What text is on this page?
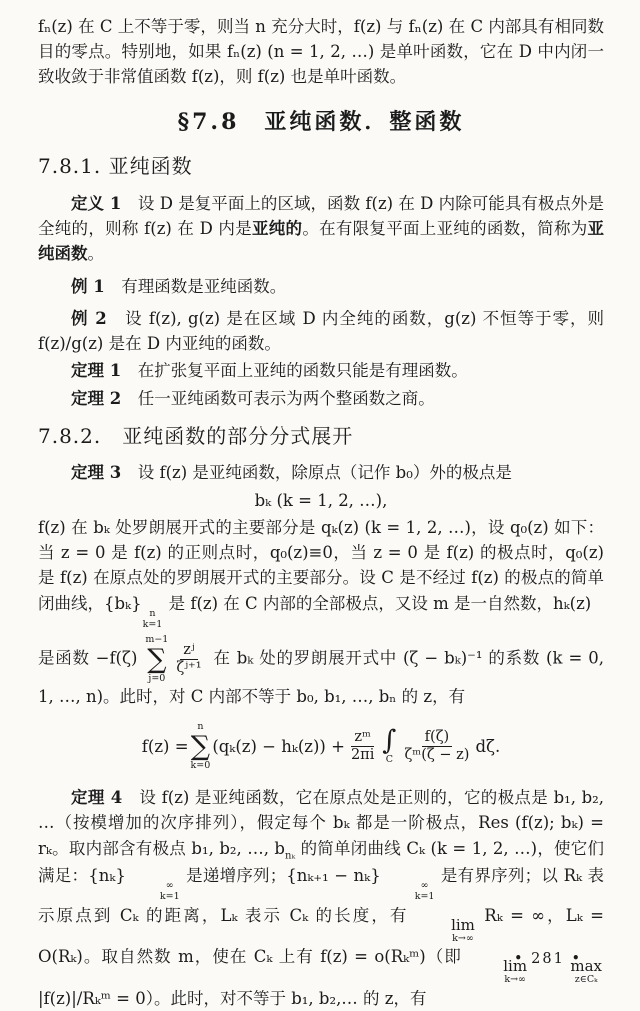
fₙ(z) 在 C 上不等于零，则当 n 充分大时，f(z) 与 fₙ(z) 在 C 内部具有相同数目的零点。特别地，如果 fₙ(z) (n = 1, 2, …) 是单叶函数，它在 D 中内闭一致收敛于非常值函数 f(z)，则 f(z) 也是单叶函数。

§7.8　亚纯函数．整函数
7.8.1. 亚纯函数

定义 1　设 D 是复平面上的区域，函数 f(z) 在 D 内除可能具有极点外是全纯的，则称 f(z) 在 D 内是亚纯的。在有限复平面上亚纯的函数，简称为亚纯函数。

例 1　有理函数是亚纯函数。

例 2　设 f(z), g(z) 是在区域 D 内全纯的函数，g(z) 不恒等于零，则 f(z)/g(z) 是在 D 内亚纯的函数。

定理 1　在扩张复平面上亚纯的函数只能是有理函数。

定理 2　任一亚纯函数可表示为两个整函数之商。

7.8.2.　亚纯函数的部分分式展开

定理 3　设 f(z) 是亚纯函数，除原点（记作 b₀）外的极点是

bₖ (k = 1, 2, …),

f(z) 在 bₖ 处罗朗展开式的主要部分是 qₖ(z) (k = 1, 2, …)，设 q₀(z) 如下：当 z = 0 是 f(z) 的正则点时，q₀(z)≡0，当 z = 0 是 f(z) 的极点时，q₀(z) 是 f(z) 在原点处的罗朗展开式的主要部分。设 C 是不经过 f(z) 的极点的简单闭曲线，{bₖ}
n
k=1
是 f(z) 在 C 内部的全部极点，又设 m 是一自然数，hₖ(z)

是函数 −f(ζ)
m−1
∑
j=0
$\frac{\text{zʲ}}{\text{ζʲ⁺¹}}$ 在 bₖ 处的罗朗展开式中 (ζ − bₖ)⁻¹ 的系数 (k = 0, 1, …, n)。此时，对 C 内部不等于 b₀, b₁, …, bₙ 的 z，有

f(z) =
n
∑
k=0
$(q_k(z) - h_k(z)) + \frac{\text{zᵐ}}{2\pi i}$ ∫
C $\frac{f(\zeta)}{\text{ζᵐ(ζ − z)}} d\zeta$.

定理 4　设 f(z) 是亚纯函数，它在原点处是正则的，它的极点是 b₁, b₂, …（按模增加的次序排列），假定每个 bₖ 都是一阶极点，Res (f(z); bₖ) = rₖ。取内部含有极点 b₁, b₂, …, $b_{n_k}$ 的简单闭曲线 Cₖ (k = 1, 2, …)，使它们满足：{nₖ}
∞
k=1
是递增序列；{nₖ₊₁ − nₖ}
∞
k=1
是有界序列；以 Rₖ 表示原点到 Cₖ 的距离，Lₖ 表示 Cₖ 的长度，有	lim
k→∞
Rₖ = ∞，Lₖ = O(Rₖ)。取自然数 m，使在 Cₖ 上有 f(z) = o(Rₖᵐ)（即	lim
k→∞

max
z∈Cₖ
|f(z)|/Rₖᵐ = 0）。此时，对不等于 b₁, b₂,… 的 z，有

• 281 •
